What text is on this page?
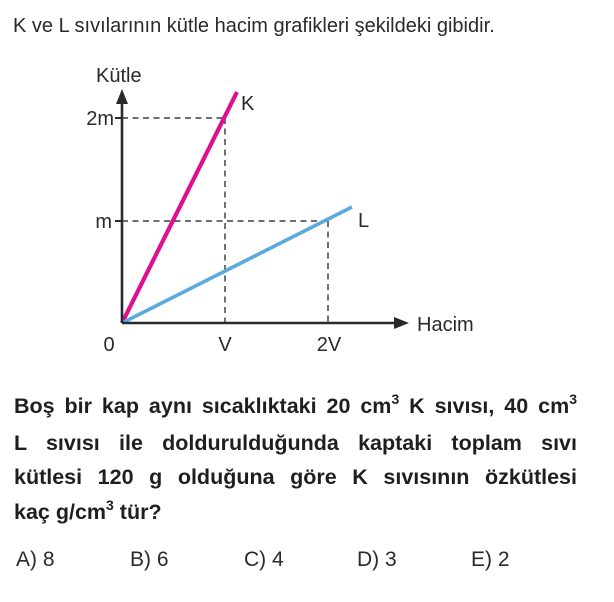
K ve L sıvılarının kütle hacim grafikleri şekildeki gibidir.
Kütle
Hacim
2m
m
0	V	2V
K
L
Boş bir kap aynı sıcaklıktaki 20 $cm^3$ K sıvısı, 40 $cm^3$
L sıvısı ile doldurulduğunda kaptaki toplam sıvı
kütlesi 120 g olduğuna göre K sıvısının özkütlesi
kaç $g/cm^3$ tür?
A) 8	B) 6	C) 4	D) 3	E) 2
